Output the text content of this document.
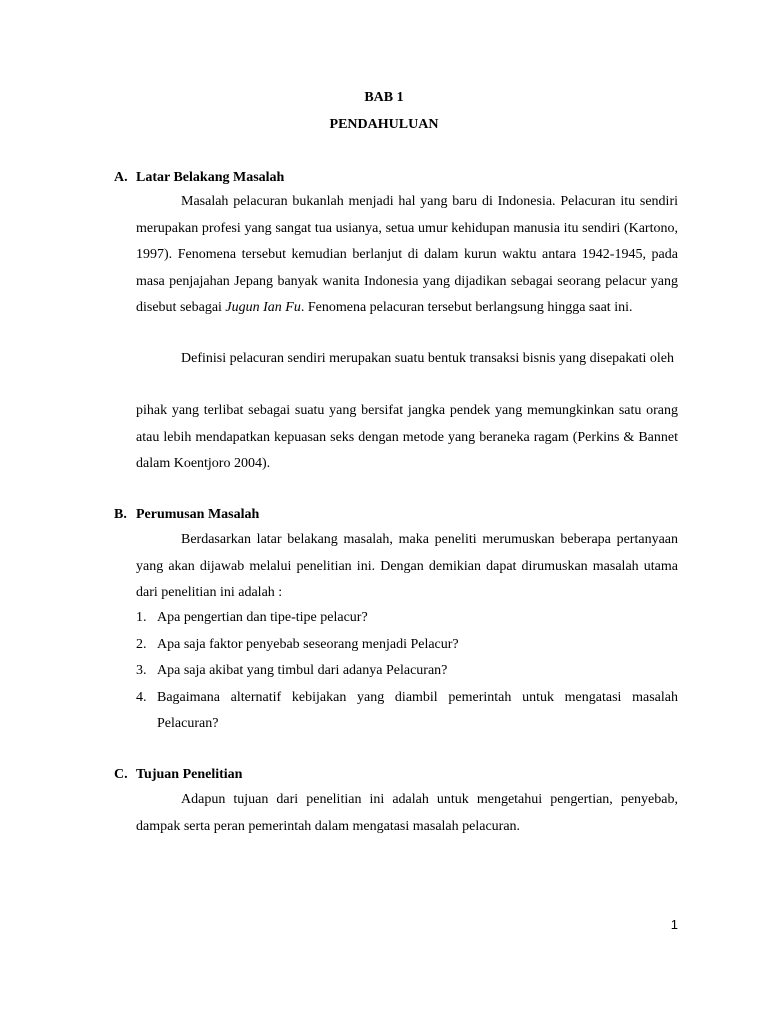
BAB 1
PENDAHULUAN
A. Latar Belakang Masalah

Masalah pelacuran bukanlah menjadi hal yang baru di Indonesia. Pelacuran itu sendiri merupakan profesi yang sangat tua usianya, setua umur kehidupan manusia itu sendiri (Kartono, 1997). Fenomena tersebut kemudian berlanjut di dalam kurun waktu antara 1942-1945, pada masa penjajahan Jepang banyak wanita Indonesia yang dijadikan sebagai seorang pelacur yang disebut sebagai Jugun Ian Fu. Fenomena pelacuran tersebut berlangsung hingga saat ini.

Definisi pelacuran sendiri merupakan suatu bentuk transaksi bisnis yang disepakati oleh

pihak yang terlibat sebagai suatu yang bersifat jangka pendek yang memungkinkan satu orang atau lebih mendapatkan kepuasan seks dengan metode yang beraneka ragam (Perkins & Bannet dalam Koentjoro 2004).

B. Perumusan Masalah

Berdasarkan latar belakang masalah, maka peneliti merumuskan beberapa pertanyaan yang akan dijawab melalui penelitian ini. Dengan demikian dapat dirumuskan masalah utama dari penelitian ini adalah :

1. Apa pengertian dan tipe-tipe pelacur?
2. Apa saja faktor penyebab seseorang menjadi Pelacur?
3. Apa saja akibat yang timbul dari adanya Pelacuran?
4. Bagaimana alternatif kebijakan yang diambil pemerintah untuk mengatasi masalah Pelacuran?
C. Tujuan Penelitian

Adapun tujuan dari penelitian ini adalah untuk mengetahui pengertian, penyebab, dampak serta peran pemerintah dalam mengatasi masalah pelacuran.

1
